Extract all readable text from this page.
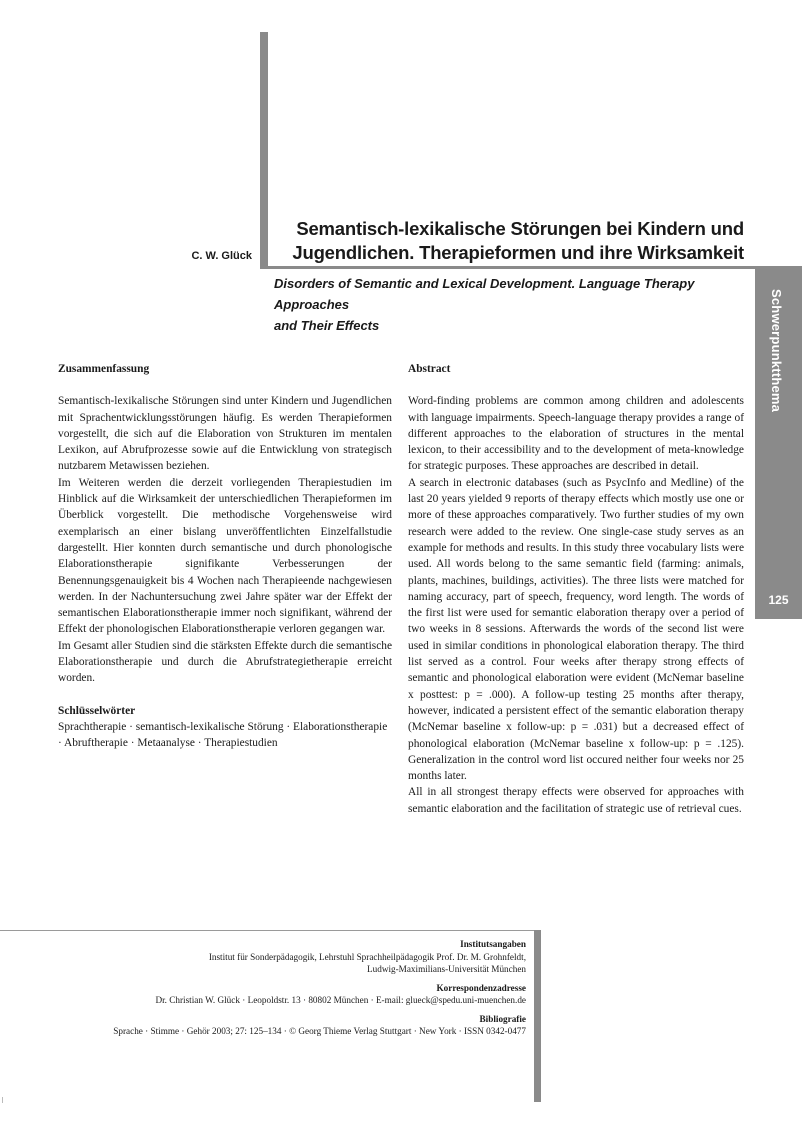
C. W. Glück
Semantisch-lexikalische Störungen bei Kindern und
Jugendlichen. Therapieformen und ihre Wirksamkeit
Disorders of Semantic and Lexical Development. Language Therapy Approaches
and Their Effects	Schwerpunktthema
125
Zusammenfassung

Semantisch-lexikalische Störungen sind unter Kindern und Jugendlichen mit Sprachentwicklungsstörungen häufig. Es werden Therapieformen vorgestellt, die sich auf die Elaboration von Strukturen im mentalen Lexikon, auf Abrufprozesse sowie auf die Entwicklung von strategisch nutzbarem Metawissen beziehen.

Im Weiteren werden die derzeit vorliegenden Therapiestudien im Hinblick auf die Wirksamkeit der unterschiedlichen Therapieformen im Überblick vorgestellt. Die methodische Vorgehensweise wird exemplarisch an einer bislang unveröffentlichten Einzelfallstudie dargestellt. Hier konnten durch semantische und durch phonologische Elaborationstherapie signifikante Verbesserungen der Benennungsgenauigkeit bis 4 Wochen nach Therapieende nachgewiesen werden. In der Nachuntersuchung zwei Jahre später war der Effekt der semantischen Elaborationstherapie immer noch signifikant, während der Effekt der phonologischen Elaborationstherapie verloren gegangen war.

Im Gesamt aller Studien sind die stärksten Effekte durch die semantische Elaborationstherapie und durch die Abrufstrategietherapie erreicht worden.

Schlüsselwörter

Sprachtherapie · semantisch-lexikalische Störung · Elaborationstherapie · Abruftherapie · Metaanalyse · Therapiestudien

Abstract

Word-finding problems are common among children and adolescents with language impairments. Speech-language therapy provides a range of different approaches to the elaboration of structures in the mental lexicon, to their accessibility and to the development of meta-knowledge for strategic purposes. These approaches are described in detail.

A search in electronic databases (such as PsycInfo and Medline) of the last 20 years yielded 9 reports of therapy effects which mostly use one or more of these approaches comparatively. Two further studies of my own research were added to the review. One single-case study serves as an example for methods and results. In this study three vocabulary lists were used. All words belong to the same semantic field (farming: animals, plants, machines, buildings, activities). The three lists were matched for naming accuracy, part of speech, frequency, word length. The words of the first list were used for semantic elaboration therapy over a period of two weeks in 8 sessions. Afterwards the words of the second list were used in similar conditions in phonological elaboration therapy. The third list served as a control. Four weeks after therapy strong effects of semantic and phonological elaboration were evident (McNemar baseline x posttest: p = .000). A follow-up testing 25 months after therapy, however, indicated a persistent effect of the semantic elaboration therapy (McNemar baseline x follow-up: p = .031) but a decreased effect of phonological elaboration (McNemar baseline x follow-up: p = .125). Generalization in the control word list occured neither four weeks nor 25 months later.

All in all strongest therapy effects were observed for approaches with semantic elaboration and the facilitation of strategic use of retrieval cues.

Institutsangaben
Institut für Sonderpädagogik, Lehrstuhl Sprachheilpädagogik Prof. Dr. M. Grohnfeldt,
Ludwig-Maximilians-Universität München
Korrespondenzadresse
Dr. Christian W. Glück · Leopoldstr. 13 · 80802 München · E-mail: glueck@spedu.uni-muenchen.de
Bibliografie
Sprache · Stimme · Gehör 2003; 27: 125–134 · © Georg Thieme Verlag Stuttgart · New York · ISSN 0342-0477
